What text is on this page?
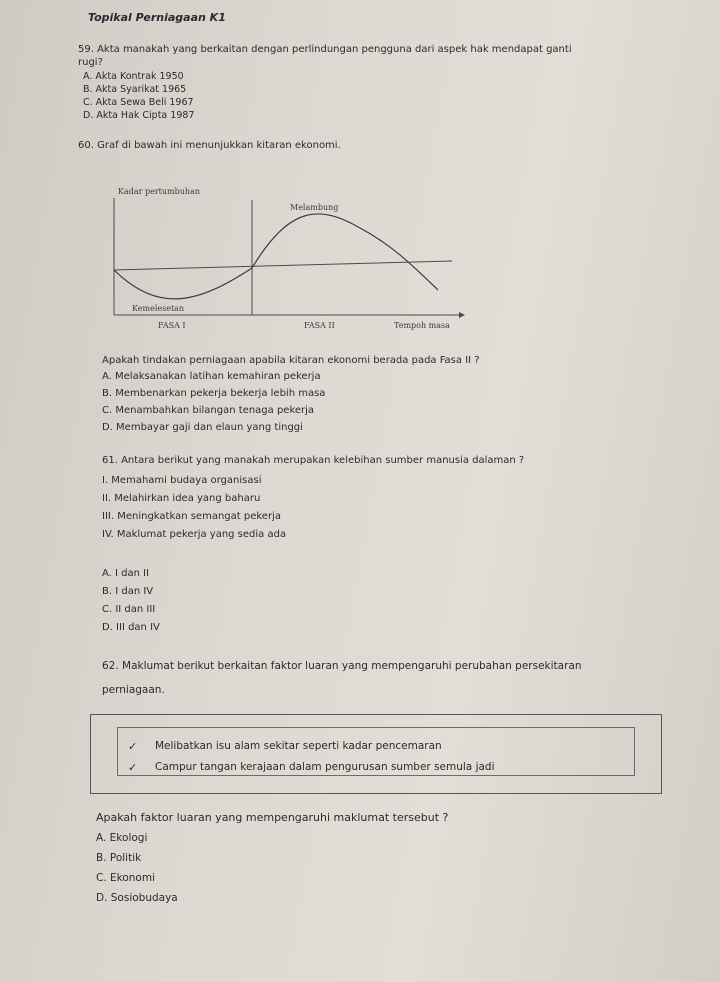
Topikal Perniagaan K1
59. Akta manakah yang berkaitan dengan perlindungan pengguna dari aspek hak mendapat ganti
rugi?
A. Akta Kontrak 1950
B. Akta Syarikat 1965
C. Akta Sewa Beli 1967
D. Akta Hak Cipta 1987
60. Graf di bawah ini menunjukkan kitaran ekonomi.
Kadar pertumbuhan
Melambung
Kemelesetan
FASA I	FASA II	Tempoh masa
Apakah tindakan perniagaan apabila kitaran ekonomi berada pada Fasa II ?
A. Melaksanakan latihan kemahiran pekerja
B. Membenarkan pekerja bekerja lebih masa
C. Menambahkan bilangan tenaga pekerja
D. Membayar gaji dan elaun yang tinggi
61. Antara berikut yang manakah merupakan kelebihan sumber manusia dalaman ?
I. Memahami budaya organisasi
II. Melahirkan idea yang baharu
III. Meningkatkan semangat pekerja
IV. Maklumat pekerja yang sedia ada
A. I dan II
B. I dan IV
C. II dan III
D. III dan IV
62. Maklumat berikut berkaitan faktor luaran yang mempengaruhi perubahan persekitaran
perniagaan.
✓ Melibatkan isu alam sekitar seperti kadar pencemaran
✓ Campur tangan kerajaan dalam pengurusan sumber semula jadi
Apakah faktor luaran yang mempengaruhi maklumat tersebut ?
A. Ekologi
B. Politik
C. Ekonomi
D. Sosiobudaya
